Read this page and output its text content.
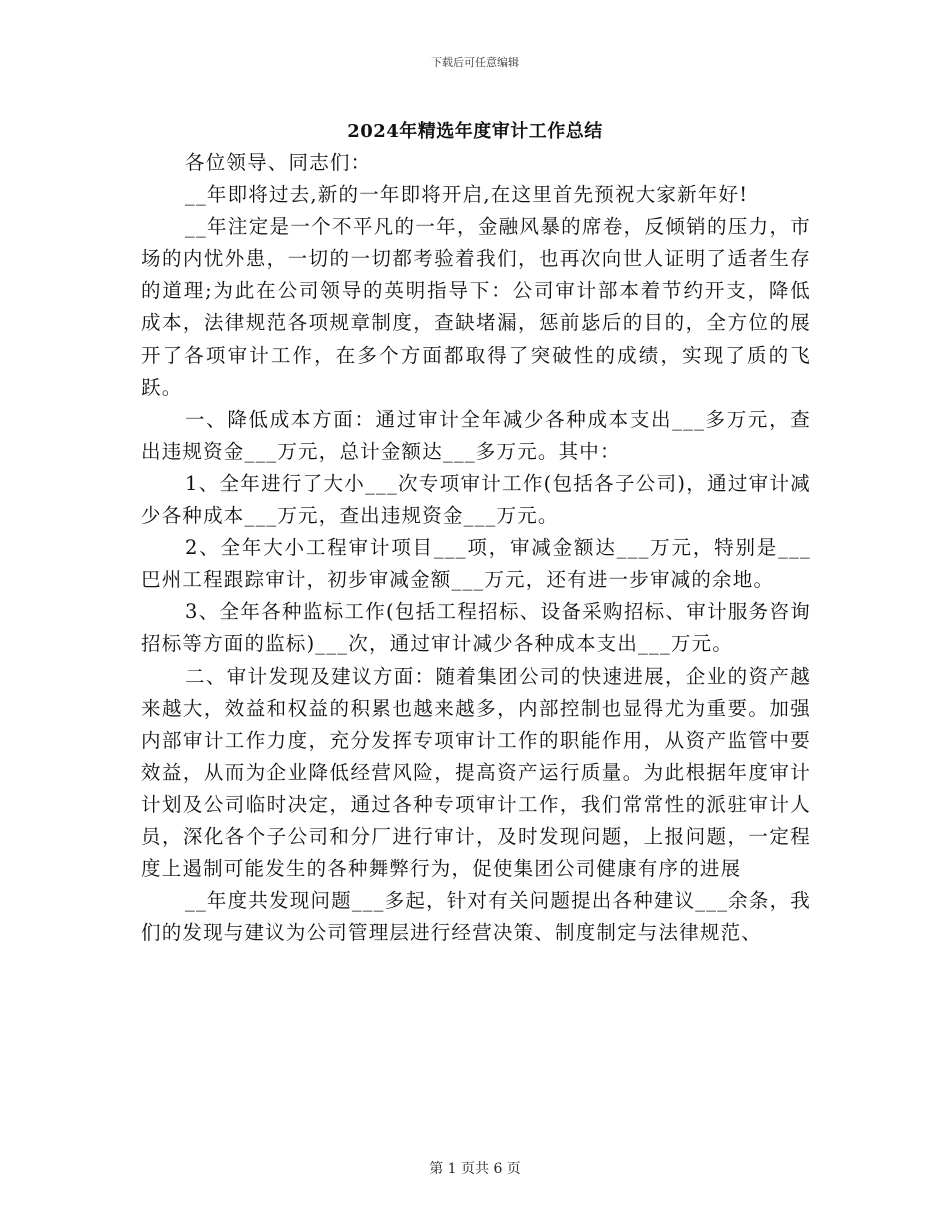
下载后可任意编辑
2024年精选年度审计工作总结

各位领导、同志们：

__年即将过去,新的一年即将开启,在这里首先预祝大家新年好!

__年注定是一个不平凡的一年，金融风暴的席卷，反倾销的压力，市场的内忧外患，一切的一切都考验着我们，也再次向世人证明了适者生存的道理;为此在公司领导的英明指导下：公司审计部本着节约开支，降低成本，法律规范各项规章制度，查缺堵漏，惩前毖后的目的，全方位的展开了各项审计工作，在多个方面都取得了突破性的成绩，实现了质的飞跃。

一、降低成本方面：通过审计全年减少各种成本支出___多万元，查出违规资金___万元，总计金额达___多万元。其中：

1、全年进行了大小___次专项审计工作(包括各子公司)，通过审计减少各种成本___万元，查出违规资金___万元。

2、全年大小工程审计项目___项，审减金额达___万元，特别是___巴州工程跟踪审计，初步审减金额___万元，还有进一步审减的余地。

3、全年各种监标工作(包括工程招标、设备采购招标、审计服务咨询招标等方面的监标)___次，通过审计减少各种成本支出___万元。

二、审计发现及建议方面：随着集团公司的快速进展，企业的资产越来越大，效益和权益的积累也越来越多，内部控制也显得尤为重要。加强内部审计工作力度，充分发挥专项审计工作的职能作用，从资产监管中要效益，从而为企业降低经营风险，提高资产运行质量。为此根据年度审计计划及公司临时决定，通过各种专项审计工作，我们常常性的派驻审计人员，深化各个子公司和分厂进行审计，及时发现问题，上报问题，一定程度上遏制可能发生的各种舞弊行为，促使集团公司健康有序的进展

__年度共发现问题___多起，针对有关问题提出各种建议___余条，我们的发现与建议为公司管理层进行经营决策、制度制定与法律规范、

第 1 页共 6 页
